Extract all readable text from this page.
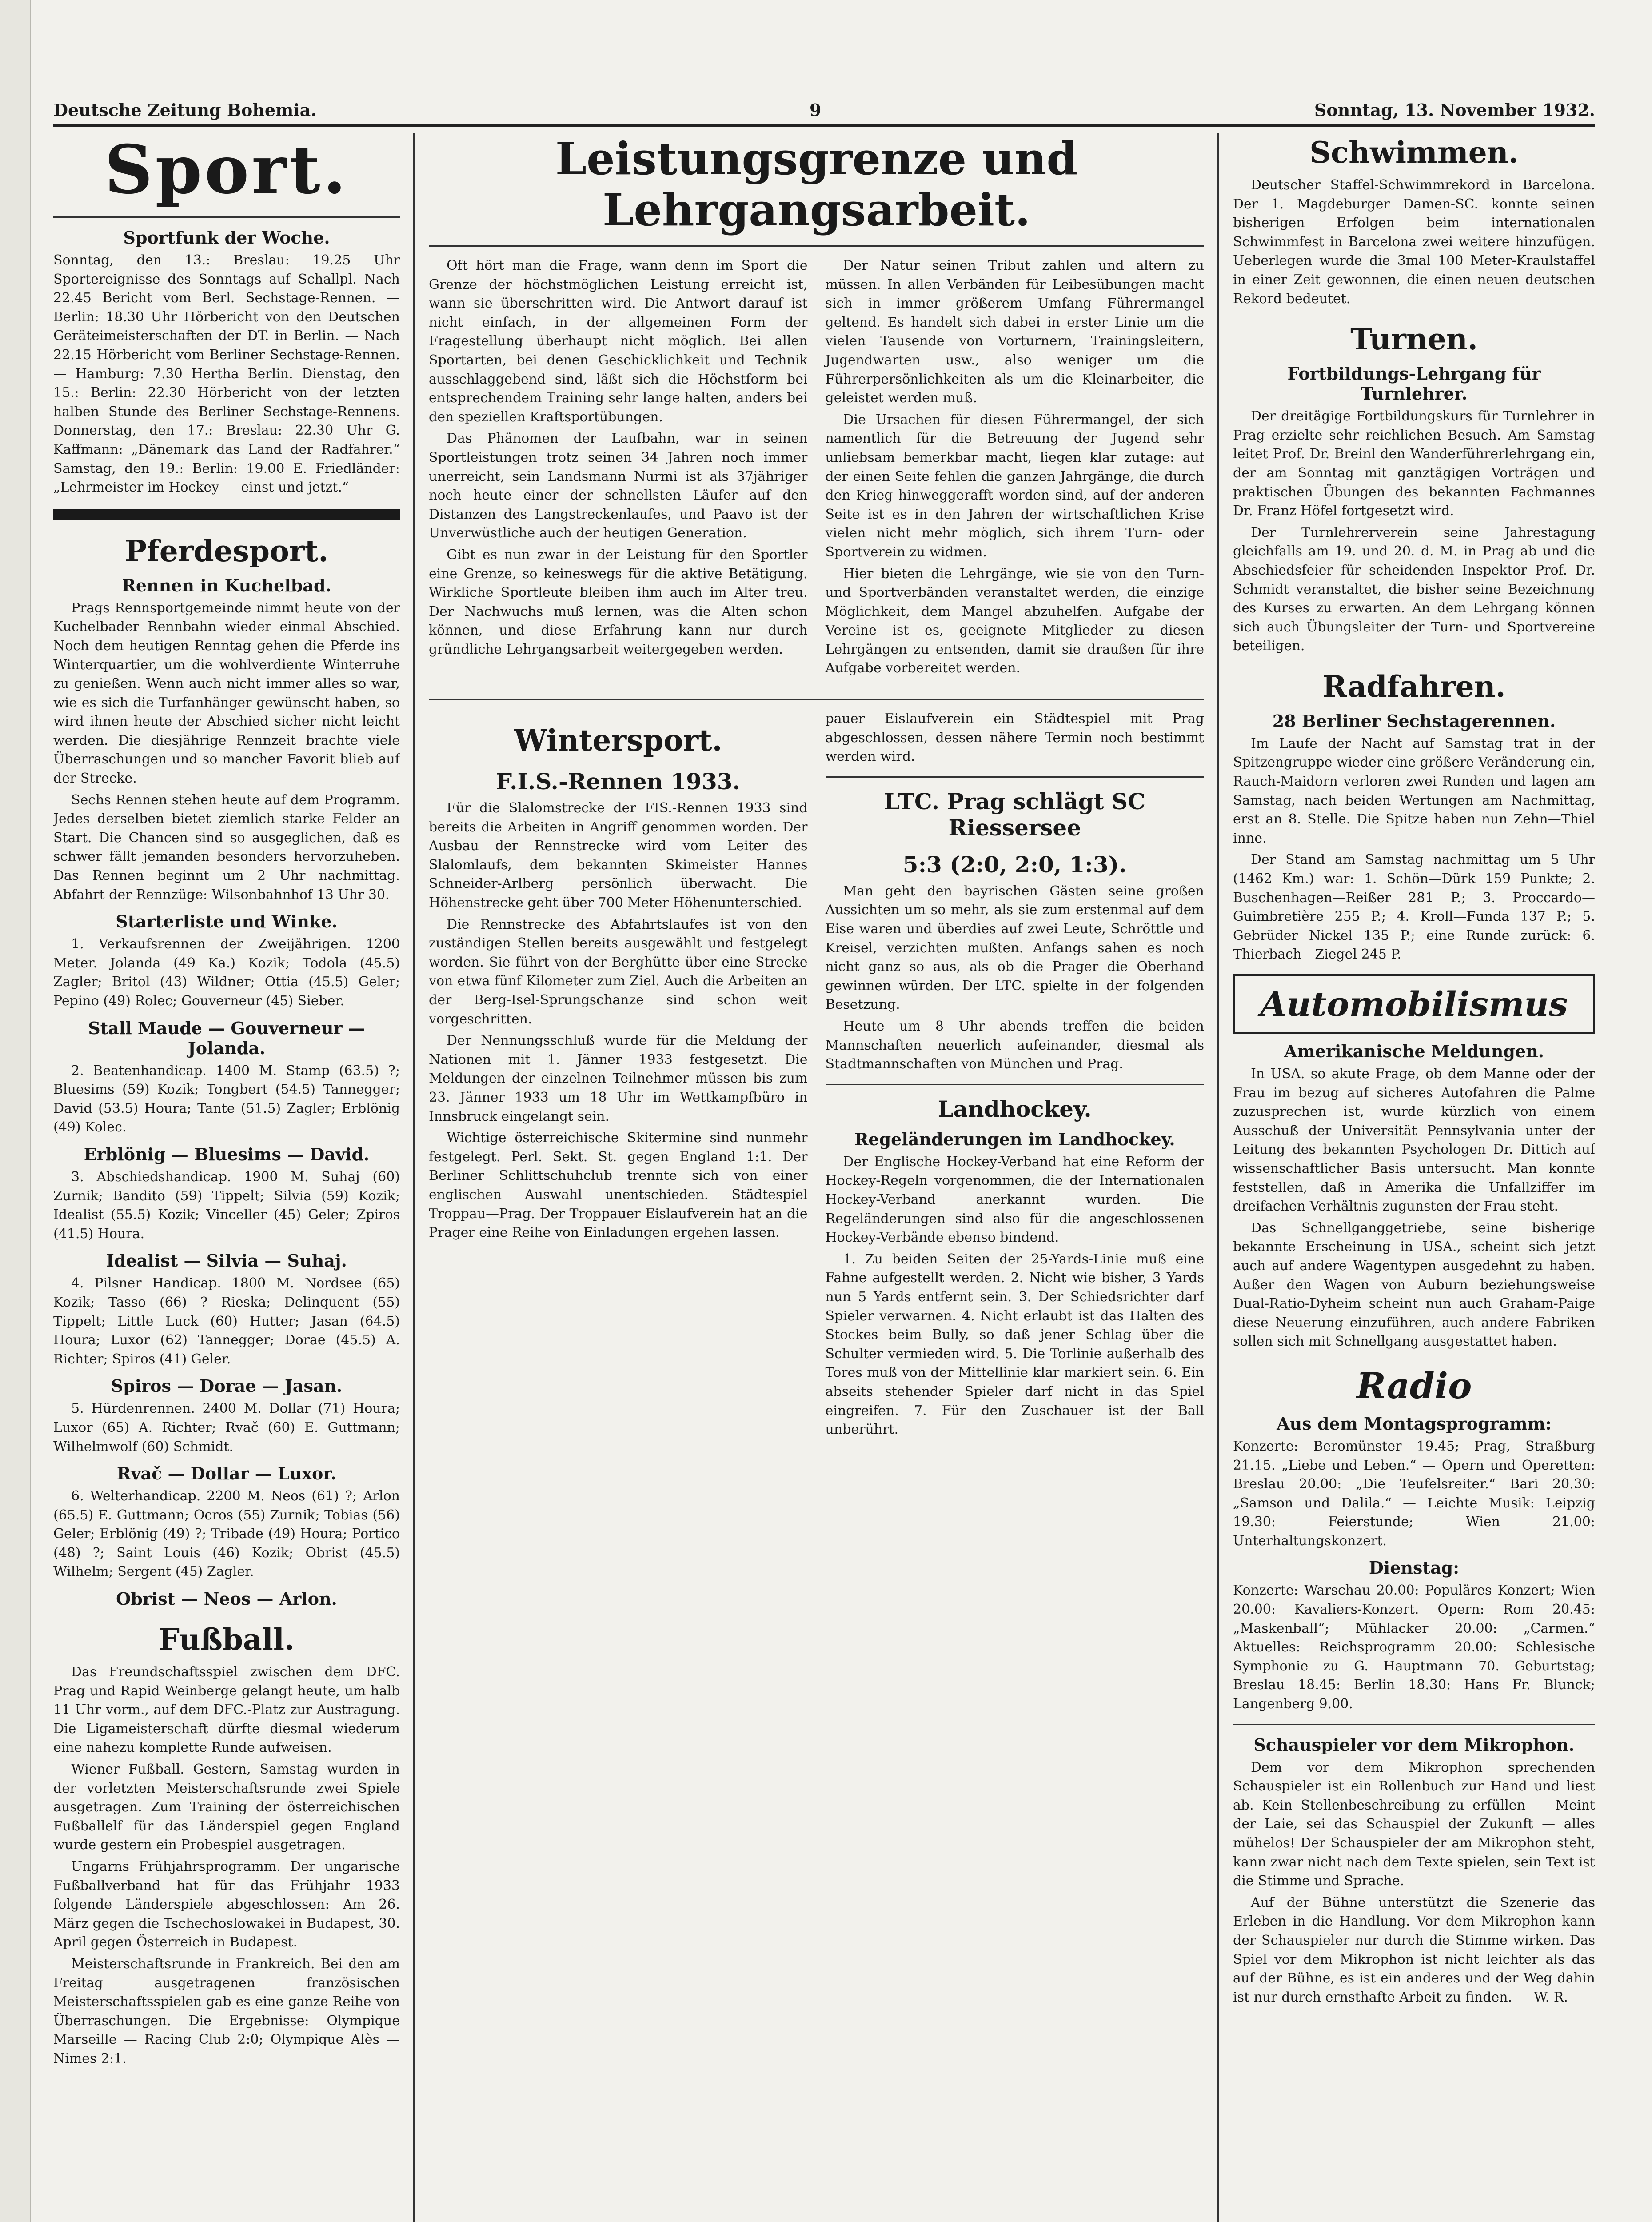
Deutsche Zeitung Bohemia.	9	Sonntag, 13. November 1932.
Sport.
Sportfunk der Woche.

Sonntag, den 13.: Breslau: 19.25 Uhr Sportereignisse des Sonntags auf Schallpl. Nach 22.45 Bericht vom Berl. Sechstage-Rennen. — Berlin: 18.30 Uhr Hörbericht von den Deutschen Geräteimeisterschaften der DT. in Berlin. — Nach 22.15 Hörbericht vom Berliner Sechstage-Rennen. — Hamburg: 7.30 Hertha Berlin. Dienstag, den 15.: Berlin: 22.30 Hörbericht von der letzten halben Stunde des Berliner Sechstage-Rennens. Donnerstag, den 17.: Breslau: 22.30 Uhr G. Kaffmann: „Dänemark das Land der Radfahrer.“ Samstag, den 19.: Berlin: 19.00 E. Friedländer: „Lehrmeister im Hockey — einst und jetzt.“

Pferdesport.
Rennen in Kuchelbad.

Prags Rennsportgemeinde nimmt heute von der Kuchelbader Rennbahn wieder einmal Abschied. Noch dem heutigen Renntag gehen die Pferde ins Winterquartier, um die wohlverdiente Winterruhe zu genießen. Wenn auch nicht immer alles so war, wie es sich die Turfanhänger gewünscht haben, so wird ihnen heute der Abschied sicher nicht leicht werden. Die diesjährige Rennzeit brachte viele Überraschungen und so mancher Favorit blieb auf der Strecke.

Sechs Rennen stehen heute auf dem Programm. Jedes derselben bietet ziemlich starke Felder an Start. Die Chancen sind so ausgeglichen, daß es schwer fällt jemanden besonders hervorzuheben. Das Rennen beginnt um 2 Uhr nachmittag. Abfahrt der Rennzüge: Wilsonbahnhof 13 Uhr 30.

Starterliste und Winke.

1. Verkaufsrennen der Zweijährigen. 1200 Meter. Jolanda (49 Ka.) Kozik; Todola (45.5) Zagler; Britol (43) Wildner; Ottia (45.5) Geler; Pepino (49) Rolec; Gouverneur (45) Sieber.

Stall Maude — Gouverneur — Jolanda.

2. Beatenhandicap. 1400 M. Stamp (63.5) ?; Bluesims (59) Kozik; Tongbert (54.5) Tannegger; David (53.5) Houra; Tante (51.5) Zagler; Erblönig (49) Kolec.

Erblönig — Bluesims — David.

3. Abschiedshandicap. 1900 M. Suhaj (60) Zurnik; Bandito (59) Tippelt; Silvia (59) Kozik; Idealist (55.5) Kozik; Vinceller (45) Geler; Zpiros (41.5) Houra.

Idealist — Silvia — Suhaj.

4. Pilsner Handicap. 1800 M. Nordsee (65) Kozik; Tasso (66) ? Rieska; Delinquent (55) Tippelt; Little Luck (60) Hutter; Jasan (64.5) Houra; Luxor (62) Tannegger; Dorae (45.5) A. Richter; Spiros (41) Geler.

Spiros — Dorae — Jasan.

5. Hürdenrennen. 2400 M. Dollar (71) Houra; Luxor (65) A. Richter; Rvač (60) E. Guttmann; Wilhelmwolf (60) Schmidt.

Rvač — Dollar — Luxor.

6. Welterhandicap. 2200 M. Neos (61) ?; Arlon (65.5) E. Guttmann; Ocros (55) Zurnik; Tobias (56) Geler; Erblönig (49) ?; Tribade (49) Houra; Portico (48) ?; Saint Louis (46) Kozik; Obrist (45.5) Wilhelm; Sergent (45) Zagler.

Obrist — Neos — Arlon.
Fußball.

Das Freundschaftsspiel zwischen dem DFC. Prag und Rapid Weinberge gelangt heute, um halb 11 Uhr vorm., auf dem DFC.-Platz zur Austragung. Die Ligameisterschaft dürfte diesmal wiederum eine nahezu komplette Runde aufweisen.

Wiener Fußball. Gestern, Samstag wurden in der vorletzten Meisterschaftsrunde zwei Spiele ausgetragen. Zum Training der österreichischen Fußballelf für das Länderspiel gegen England wurde gestern ein Probespiel ausgetragen.

Ungarns Frühjahrsprogramm. Der ungarische Fußballverband hat für das Frühjahr 1933 folgende Länderspiele abgeschlossen: Am 26. März gegen die Tschechoslowakei in Budapest, 30. April gegen Österreich in Budapest.

Meisterschaftsrunde in Frankreich. Bei den am Freitag ausgetragenen französischen Meisterschaftsspielen gab es eine ganze Reihe von Überraschungen. Die Ergebnisse: Olympique Marseille — Racing Club 2:0; Olympique Alès — Nimes 2:1.

Leistungsgrenze und Lehrgangsarbeit.

Oft hört man die Frage, wann denn im Sport die Grenze der höchstmöglichen Leistung erreicht ist, wann sie überschritten wird. Die Antwort darauf ist nicht einfach, in der allgemeinen Form der Fragestellung überhaupt nicht möglich. Bei allen Sportarten, bei denen Geschicklichkeit und Technik ausschlaggebend sind, läßt sich die Höchstform bei entsprechendem Training sehr lange halten, anders bei den speziellen Kraftsportübungen.

Das Phänomen der Laufbahn, war in seinen Sportleistungen trotz seinen 34 Jahren noch immer unerreicht, sein Landsmann Nurmi ist als 37jähriger noch heute einer der schnellsten Läufer auf den Distanzen des Langstreckenlaufes, und Paavo ist der Unverwüstliche auch der heutigen Generation.

Gibt es nun zwar in der Leistung für den Sportler eine Grenze, so keineswegs für die aktive Betätigung. Wirkliche Sportleute bleiben ihm auch im Alter treu. Der Nachwuchs muß lernen, was die Alten schon können, und diese Erfahrung kann nur durch gründliche Lehrgangsarbeit weitergegeben werden.

Der Natur seinen Tribut zahlen und altern zu müssen. In allen Verbänden für Leibesübungen macht sich in immer größerem Umfang Führermangel geltend. Es handelt sich dabei in erster Linie um die vielen Tausende von Vorturnern, Trainingsleitern, Jugendwarten usw., also weniger um die Führerpersönlichkeiten als um die Kleinarbeiter, die geleistet werden muß.

Die Ursachen für diesen Führermangel, der sich namentlich für die Betreuung der Jugend sehr unliebsam bemerkbar macht, liegen klar zutage: auf der einen Seite fehlen die ganzen Jahrgänge, die durch den Krieg hinweggerafft worden sind, auf der anderen Seite ist es in den Jahren der wirtschaftlichen Krise vielen nicht mehr möglich, sich ihrem Turn- oder Sportverein zu widmen.

Hier bieten die Lehrgänge, wie sie von den Turn- und Sportverbänden veranstaltet werden, die einzige Möglichkeit, dem Mangel abzuhelfen. Aufgabe der Vereine ist es, geeignete Mitglieder zu diesen Lehrgängen zu entsenden, damit sie draußen für ihre Aufgabe vorbereitet werden.

Wintersport.
F.I.S.-Rennen 1933.

Für die Slalomstrecke der FIS.-Rennen 1933 sind bereits die Arbeiten in Angriff genommen worden. Der Ausbau der Rennstrecke wird vom Leiter des Slalomlaufs, dem bekannten Skimeister Hannes Schneider-Arlberg persönlich überwacht. Die Höhenstrecke geht über 700 Meter Höhenunterschied.

Die Rennstrecke des Abfahrtslaufes ist von den zuständigen Stellen bereits ausgewählt und festgelegt worden. Sie führt von der Berghütte über eine Strecke von etwa fünf Kilometer zum Ziel. Auch die Arbeiten an der Berg-Isel-Sprungschanze sind schon weit vorgeschritten.

Der Nennungsschluß wurde für die Meldung der Nationen mit 1. Jänner 1933 festgesetzt. Die Meldungen der einzelnen Teilnehmer müssen bis zum 23. Jänner 1933 um 18 Uhr im Wettkampfbüro in Innsbruck eingelangt sein.

Wichtige österreichische Skitermine sind nunmehr festgelegt. Perl. Sekt. St. gegen England 1:1. Der Berliner Schlittschuhclub trennte sich von einer englischen Auswahl unentschieden. Städtespiel Troppau—Prag. Der Troppauer Eislaufverein hat an die Prager eine Reihe von Einladungen ergehen lassen.

pauer Eislaufverein ein Städtespiel mit Prag abgeschlossen, dessen nähere Termin noch bestimmt werden wird.

LTC. Prag schlägt SC Riessersee
5:3 (2:0, 2:0, 1:3).

Man geht den bayrischen Gästen seine großen Aussichten um so mehr, als sie zum erstenmal auf dem Eise waren und überdies auf zwei Leute, Schröttle und Kreisel, verzichten mußten. Anfangs sahen es noch nicht ganz so aus, als ob die Prager die Oberhand gewinnen würden. Der LTC. spielte in der folgenden Besetzung.

Heute um 8 Uhr abends treffen die beiden Mannschaften neuerlich aufeinander, diesmal als Stadtmannschaften von München und Prag.

Landhockey.
Regeländerungen im Landhockey.

Der Englische Hockey-Verband hat eine Reform der Hockey-Regeln vorgenommen, die der Internationalen Hockey-Verband anerkannt wurden. Die Regeländerungen sind also für die angeschlossenen Hockey-Verbände ebenso bindend.

1. Zu beiden Seiten der 25-Yards-Linie muß eine Fahne aufgestellt werden. 2. Nicht wie bisher, 3 Yards nun 5 Yards entfernt sein. 3. Der Schiedsrichter darf Spieler verwarnen. 4. Nicht erlaubt ist das Halten des Stockes beim Bully, so daß jener Schlag über die Schulter vermieden wird. 5. Die Torlinie außerhalb des Tores muß von der Mittellinie klar markiert sein. 6. Ein abseits stehender Spieler darf nicht in das Spiel eingreifen. 7. Für den Zuschauer ist der Ball unberührt.

Schwimmen.

Deutscher Staffel-Schwimmrekord in Barcelona. Der 1. Magdeburger Damen-SC. konnte seinen bisherigen Erfolgen beim internationalen Schwimmfest in Barcelona zwei weitere hinzufügen. Ueberlegen wurde die 3mal 100 Meter-Kraulstaffel in einer Zeit gewonnen, die einen neuen deutschen Rekord bedeutet.

Turnen.
Fortbildungs-Lehrgang für Turnlehrer.

Der dreitägige Fortbildungskurs für Turnlehrer in Prag erzielte sehr reichlichen Besuch. Am Samstag leitet Prof. Dr. Breinl den Wanderführerlehrgang ein, der am Sonntag mit ganztägigen Vorträgen und praktischen Übungen des bekannten Fachmannes Dr. Franz Höfel fortgesetzt wird.

Der Turnlehrerverein seine Jahrestagung gleichfalls am 19. und 20. d. M. in Prag ab und die Abschiedsfeier für scheidenden Inspektor Prof. Dr. Schmidt veranstaltet, die bisher seine Bezeichnung des Kurses zu erwarten. An dem Lehrgang können sich auch Übungsleiter der Turn- und Sportvereine beteiligen.

Radfahren.
28 Berliner Sechstagerennen.

Im Laufe der Nacht auf Samstag trat in der Spitzengruppe wieder eine größere Veränderung ein, Rauch-Maidorn verloren zwei Runden und lagen am Samstag, nach beiden Wertungen am Nachmittag, erst an 8. Stelle. Die Spitze haben nun Zehn—Thiel inne.

Der Stand am Samstag nachmittag um 5 Uhr (1462 Km.) war: 1. Schön—Dürk 159 Punkte; 2. Buschenhagen—Reißer 281 P.; 3. Proccardo—Guimbretière 255 P.; 4. Kroll—Funda 137 P.; 5. Gebrüder Nickel 135 P.; eine Runde zurück: 6. Thierbach—Ziegel 245 P.

Automobilismus
Amerikanische Meldungen.

In USA. so akute Frage, ob dem Manne oder der Frau im bezug auf sicheres Autofahren die Palme zuzusprechen ist, wurde kürzlich von einem Ausschuß der Universität Pennsylvania unter der Leitung des bekannten Psychologen Dr. Dittich auf wissenschaftlicher Basis untersucht. Man konnte feststellen, daß in Amerika die Unfallziffer im dreifachen Verhältnis zugunsten der Frau steht.

Das Schnellganggetriebe, seine bisherige bekannte Erscheinung in USA., scheint sich jetzt auch auf andere Wagentypen ausgedehnt zu haben. Außer den Wagen von Auburn beziehungsweise Dual-Ratio-Dyheim scheint nun auch Graham-Paige diese Neuerung einzuführen, auch andere Fabriken sollen sich mit Schnellgang ausgestattet haben.

Radio
Aus dem Montagsprogramm:

Konzerte: Beromünster 19.45; Prag, Straßburg 21.15. „Liebe und Leben.“ — Opern und Operetten: Breslau 20.00: „Die Teufelsreiter.“ Bari 20.30: „Samson und Dalila.“ — Leichte Musik: Leipzig 19.30: Feierstunde; Wien 21.00: Unterhaltungskonzert.

Dienstag:

Konzerte: Warschau 20.00: Populäres Konzert; Wien 20.00: Kavaliers-Konzert. Opern: Rom 20.45: „Maskenball“; Mühlacker 20.00: „Carmen.“ Aktuelles: Reichsprogramm 20.00: Schlesische Symphonie zu G. Hauptmann 70. Geburtstag; Breslau 18.45: Berlin 18.30: Hans Fr. Blunck; Langenberg 9.00.

Schauspieler vor dem Mikrophon.

Dem vor dem Mikrophon sprechenden Schauspieler ist ein Rollenbuch zur Hand und liest ab. Kein Stellenbeschreibung zu erfüllen — Meint der Laie, sei das Schauspiel der Zukunft — alles mühelos! Der Schauspieler der am Mikrophon steht, kann zwar nicht nach dem Texte spielen, sein Text ist die Stimme und Sprache.

Auf der Bühne unterstützt die Szenerie das Erleben in die Handlung. Vor dem Mikrophon kann der Schauspieler nur durch die Stimme wirken. Das Spiel vor dem Mikrophon ist nicht leichter als das auf der Bühne, es ist ein anderes und der Weg dahin ist nur durch ernsthafte Arbeit zu finden. — W. R.
